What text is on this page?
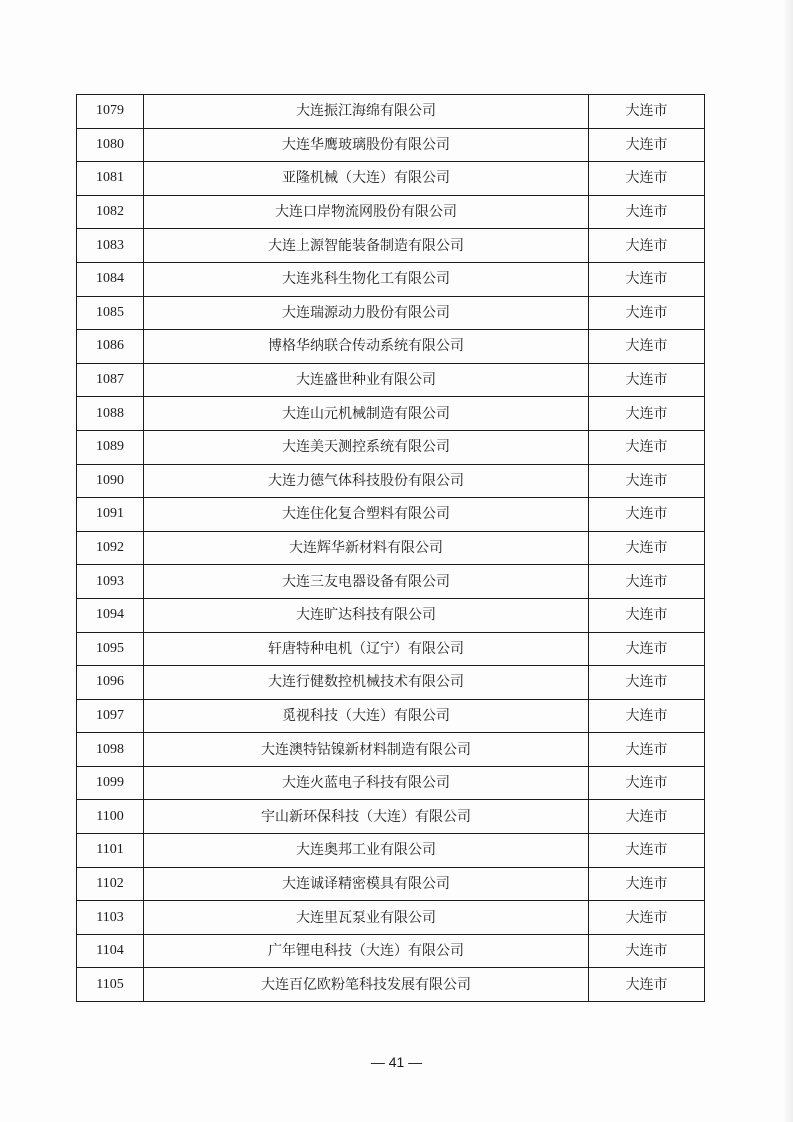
1079	大连振江海绵有限公司	大连市
1080	大连华鹰玻璃股份有限公司	大连市
1081	亚隆机械（大连）有限公司	大连市
1082	大连口岸物流网股份有限公司	大连市
1083	大连上源智能装备制造有限公司	大连市
1084	大连兆科生物化工有限公司	大连市
1085	大连瑞源动力股份有限公司	大连市
1086	博格华纳联合传动系统有限公司	大连市
1087	大连盛世种业有限公司	大连市
1088	大连山元机械制造有限公司	大连市
1089	大连美天测控系统有限公司	大连市
1090	大连力德气体科技股份有限公司	大连市
1091	大连住化复合塑料有限公司	大连市
1092	大连辉华新材料有限公司	大连市
1093	大连三友电器设备有限公司	大连市
1094	大连旷达科技有限公司	大连市
1095	轩唐特种电机（辽宁）有限公司	大连市
1096	大连行健数控机械技术有限公司	大连市
1097	觅视科技（大连）有限公司	大连市
1098	大连澳特钴镍新材料制造有限公司	大连市
1099	大连火蓝电子科技有限公司	大连市
1100	宇山新环保科技（大连）有限公司	大连市
1101	大连奥邦工业有限公司	大连市
1102	大连诚译精密模具有限公司	大连市
1103	大连里瓦泵业有限公司	大连市
1104	广年锂电科技（大连）有限公司	大连市
1105	大连百亿欧粉笔科技发展有限公司	大连市
— 41 —
